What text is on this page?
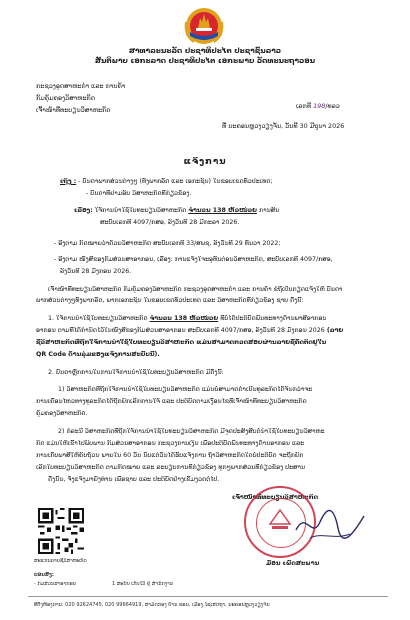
ສາທາລະນະລັດ ປະຊາທິປະໄຕ ປະຊາຊົນລາວ
ສັນຕິພາບ ເອກະລາດ ປະຊາທິປະໄຕ ເອກະພາບ ວັດທະນະຖາວອນ
ກະຊວງອຸດສາຫະກຳ ແລະ ການຄ້າ
ກົມຄຸ້ມຄອງວິສາຫະກິດ
ເຈົ້າໜ້າທີ່ທະບຽນວິສາຫະກິດ	ເລກທີ 198/ທລວ
ທີ່ ນະຄອນຫຼວງວຽງຈັນ, ວັນທີ 30 ມີຖຸນາ 2026
ແຈ້ງການ
ເຖິງ : - ບັນດາພາກສ່ວນຕ່າງໆ (ທັງພາກລັດ ແລະ ເອກະຊົນ) ໃນຂອບເຂດທົ່ວປະເທດ;
- ບັນດາທີ່ຢາມອົບ ວິສາຫະກິດທີ່ກ່ຽວຂ້ອງ.
ເລື່ອງ: ໃຈ້ການນຳໃຊ້ໃບທະບຽນວິສາຫະກິດ ຈຳນວນ 138 ຫົວໜ່ວຍ ການສົນ
ສະບັບເລກທີ 4097/ກສອ, ລົງວັນທີ 28 ມີກະລາ 2026.
- ອີງຕາມ ກົດໝາຍວ່າດ້ວຍວິສາຫະກິດ ສະບັບເລກທີ 33/ສພຊ, ລົງວັນທີ 29 ທັນວາ 2022;
- ອີງຕາມ ໜັງສືຂອງກົມສ່ວນສາອາກອນ, ເລື່ອງ: ການແຈ້ງໃຈະອຸທົ່ນຕ່ອນວິສາຫະກິດ, ສະບັບເລກທີ 4097/ກສອ,
ລົງວັນທີ 28 ມັງກອນ 2026.
ເຈົ້າໜ້າທີ່ທະບຽນວິສາຫະກິດ ກົມຄຸ້ມຄອງວິສາຫະກິດ ກະຊວງອຸດສາຫະກຳ ແລະ ການຄ້າ ຂໍຖືເປັນກຽດແຈ້ງໃຫ້ ບັນດາ
ພາກສ່ວນຕ່າງໆທັງພາກລັດ, ພາກເອກະຊົນ ໃນຂອບເຂດທົ່ວປະເທດ ແລະ ວິສາຫະກິດທີ່ກ່ຽວຂ້ອງ ຊາບ ດັ່ງນີ້:
1. ໃຈ້ການນຳໃຊ້ໃບທະບຽນວິສາຫະກິດ ຈຳນວນ 138 ຫົວໜ່ວຍ ທີ່ບໍ່ໄດ້ປະຕິບັດພັນທະທາງດ້ານພາສີອາກອນ
ອາກອນ ຕາມທີ່ໄດ້ກຳນົດໄວ້ໃນໜັງສືຂອງກົມສ່ວນສາອາກອນ ສະບັບເລກທີ 4097/ກສອ, ລົງວັນທີ 28 ມັງກອນ 2026 (ລາຍ
ຊື່ວິສາຫະກິດທີ່ຖືກໃຈ້ການນຳໃຊ້ໃບທະບຽນວິສາຫະກິດ ແມ່ນສາມາດກວດສອບຜ່ານລາຍຊື່ຄັດຕິດຢູ່ໃນ
QR Code ດ້ານລຸ່ມຂອງແຈ້ງການສະບັບນີ້).
2. ບັນດາຫຼັກການໃນການໃຈ້ການນຳໃຊ້ໃບທະບຽນວິສາຫະກິດ ມີດັ່ງນີ້:
1) ວິສາຫະກິດທີ່ຖືກໃຈ້ການນຳໃຊ້ໃບທະບຽນວິສາຫະກິດ ແມ່ນບໍ່ສາມາດດຳເນີນທຸລະກິດໄດ້ຈົນກວ່າຈະ
ການເຄື່ອນໄຫວທາງທຸລະກິດໄດ້ຖືກຍົກເລີກການໃຈ້ ແລະ ປະຕິບັດຕາມເງື່ອນໄຂທີ່ເຈົ້າໜ້າທີ່ທະບຽນວິສາຫະກິດ
ຄຸ້ມຄອງວິສາຫະກິດ.
2) ກໍລະນີ ວິສາຫະກິດທີ່ຖືກໃຈ້ການນຳໃຊ້ໃບທະບຽນວິສາຫະກິດ ມີຈຸດປະສົງສືບຕໍ່ນຳໃຊ້ໃບທະບຽນວິສາຫະ
ກິດ ແມ່ນໃຫ້ເຂົ້າໄປພົບພານ ກົມສ່ວນສາອາກອນ ກະຊວງການເງິນ ເພື່ອປະຕິບັດພັນທະທາງດ້ານອາກອນ ແລະ
ການເກັບພາສີໃຫ້ຄົບຖ້ວນ ພາຍໃນ 60 ວັນ ນັບແຕ່ວັນໄດ້ຮັບແຈ້ງການ ຖ້າວິສາຫະກິດໃດບໍ່ປະຕິບັດ ຈະຖືກຍົກ
ເລີກໃບທະບຽນວິສາຫະກິດ ຕາມກົດໝາຍ ແລະ ລະບຽບການທີ່ກ່ຽວຂ້ອງ ທຸກໆພາກສ່ວນທີ່ກ່ຽວຂ້ອງ ປະສານ
ດັ່ງນັ້ນ, ຈຶ່ງແຈ້ງມາຍັງທ່ານ ເພື່ອຊາບ ແລະ ປະຕິບັດຢ່າງເຂັ້ມງວດຕໍ່ໄປ.
ເຈົ້າໜ້າທີ່ທະບຽນວິສາຫະກິດ
ມັອນ ເພັດສະພານ
ສະແກນລາຍຊື່ວິສາຫະກິດ
ບ່ອນສົ່ງ:
- ກົມສ່ວນສາອາກອນ	1 ສະບັບ ເກັບໄວ້ ຢູ່ ສຳນັກງານ
ທີ່ຕັ້ງຫ້ອງການ: 020 92624745, 020 99664919, ສາມັດກອງ ບ້ານ ຂອນ, ເມືອງ ໄຊເສດຖາ, ນະຄອນຫຼວງວຽງຈັນ
